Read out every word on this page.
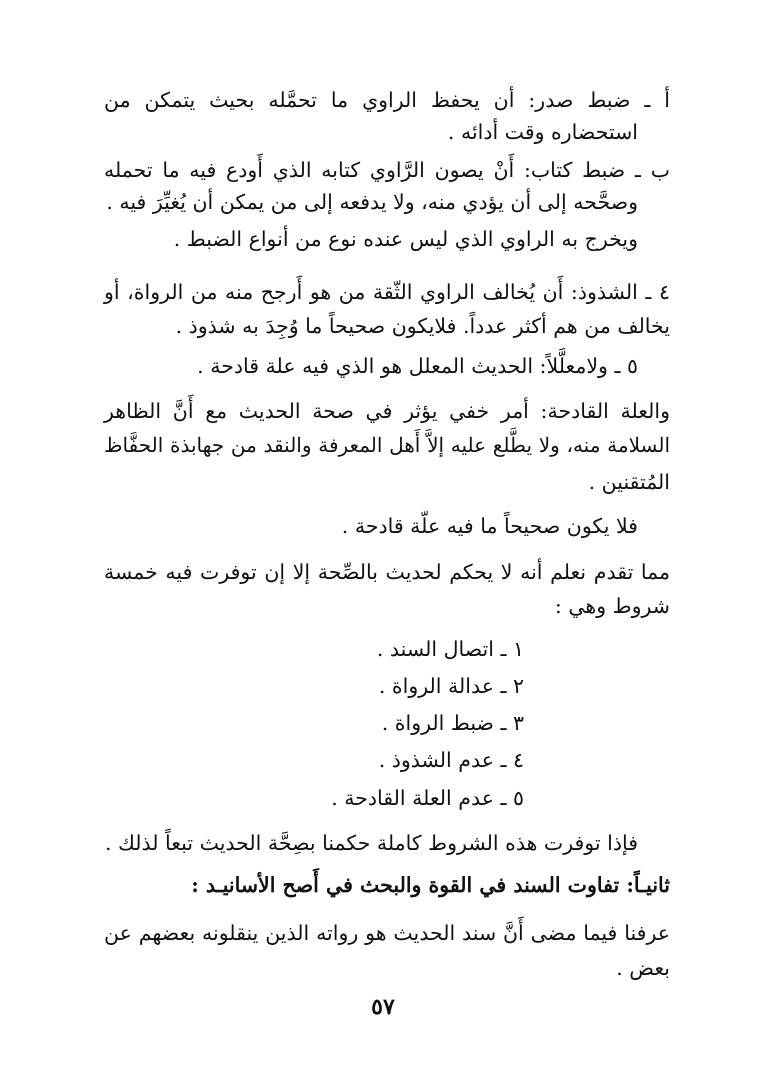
أ ـ ضبط صدر: أن يحفظ الراوي ما تحمَّله بحيث يتمكن من

استحضاره وقت أدائه .

ب ـ ضبط كتاب: أَنْ يصون الرَّاوي كتابه الذي أَودع فيه ما تحمله

وصحَّحه إلى أن يؤدي منه، ولا يدفعه إلى من يمكن أن يُغيِّرَ فيه .

ويخرج به الراوي الذي ليس عنده نوع من أنواع الضبط .

٤ ـ الشذوذ: أَن يُخالف الراوي الثّقة من هو أَرجح منه من الرواة، أو

يخالف من هم أكثر عدداً. فلايكون صحيحاً ما وُجِدَ به شذوذ .

٥ ـ ولامعلَّلاً: الحديث المعلل هو الذي فيه علة قادحة .

والعلة القادحة: أمر خفي يؤثر في صحة الحديث مع أَنَّ الظاهر

السلامة منه، ولا يطَّلع عليه إلاَّ أَهل المعرفة والنقد من جهابذة الحفَّاظ

المُتقنين .

فلا يكون صحيحاً ما فيه علّة قادحة .

مما تقدم نعلم أنه لا يحكم لحديث بالصِّحة إلا إن توفرت فيه خمسة

شروط وهي :

١ ـ اتصال السند .

٢ ـ عدالة الرواة .

٣ ـ ضبط الرواة .

٤ ـ عدم الشذوذ .

٥ ـ عدم العلة القادحة .

فإذا توفرت هذه الشروط كاملة حكمنا بصِحَّة الحديث تبعاً لذلك .

ثانيـاً: تفاوت السند في القوة والبحث في أَصح الأسانيـد :

عرفنا فيما مضى أَنَّ سند الحديث هو رواته الذين ينقلونه بعضهم عن

بعض .

٥٧
